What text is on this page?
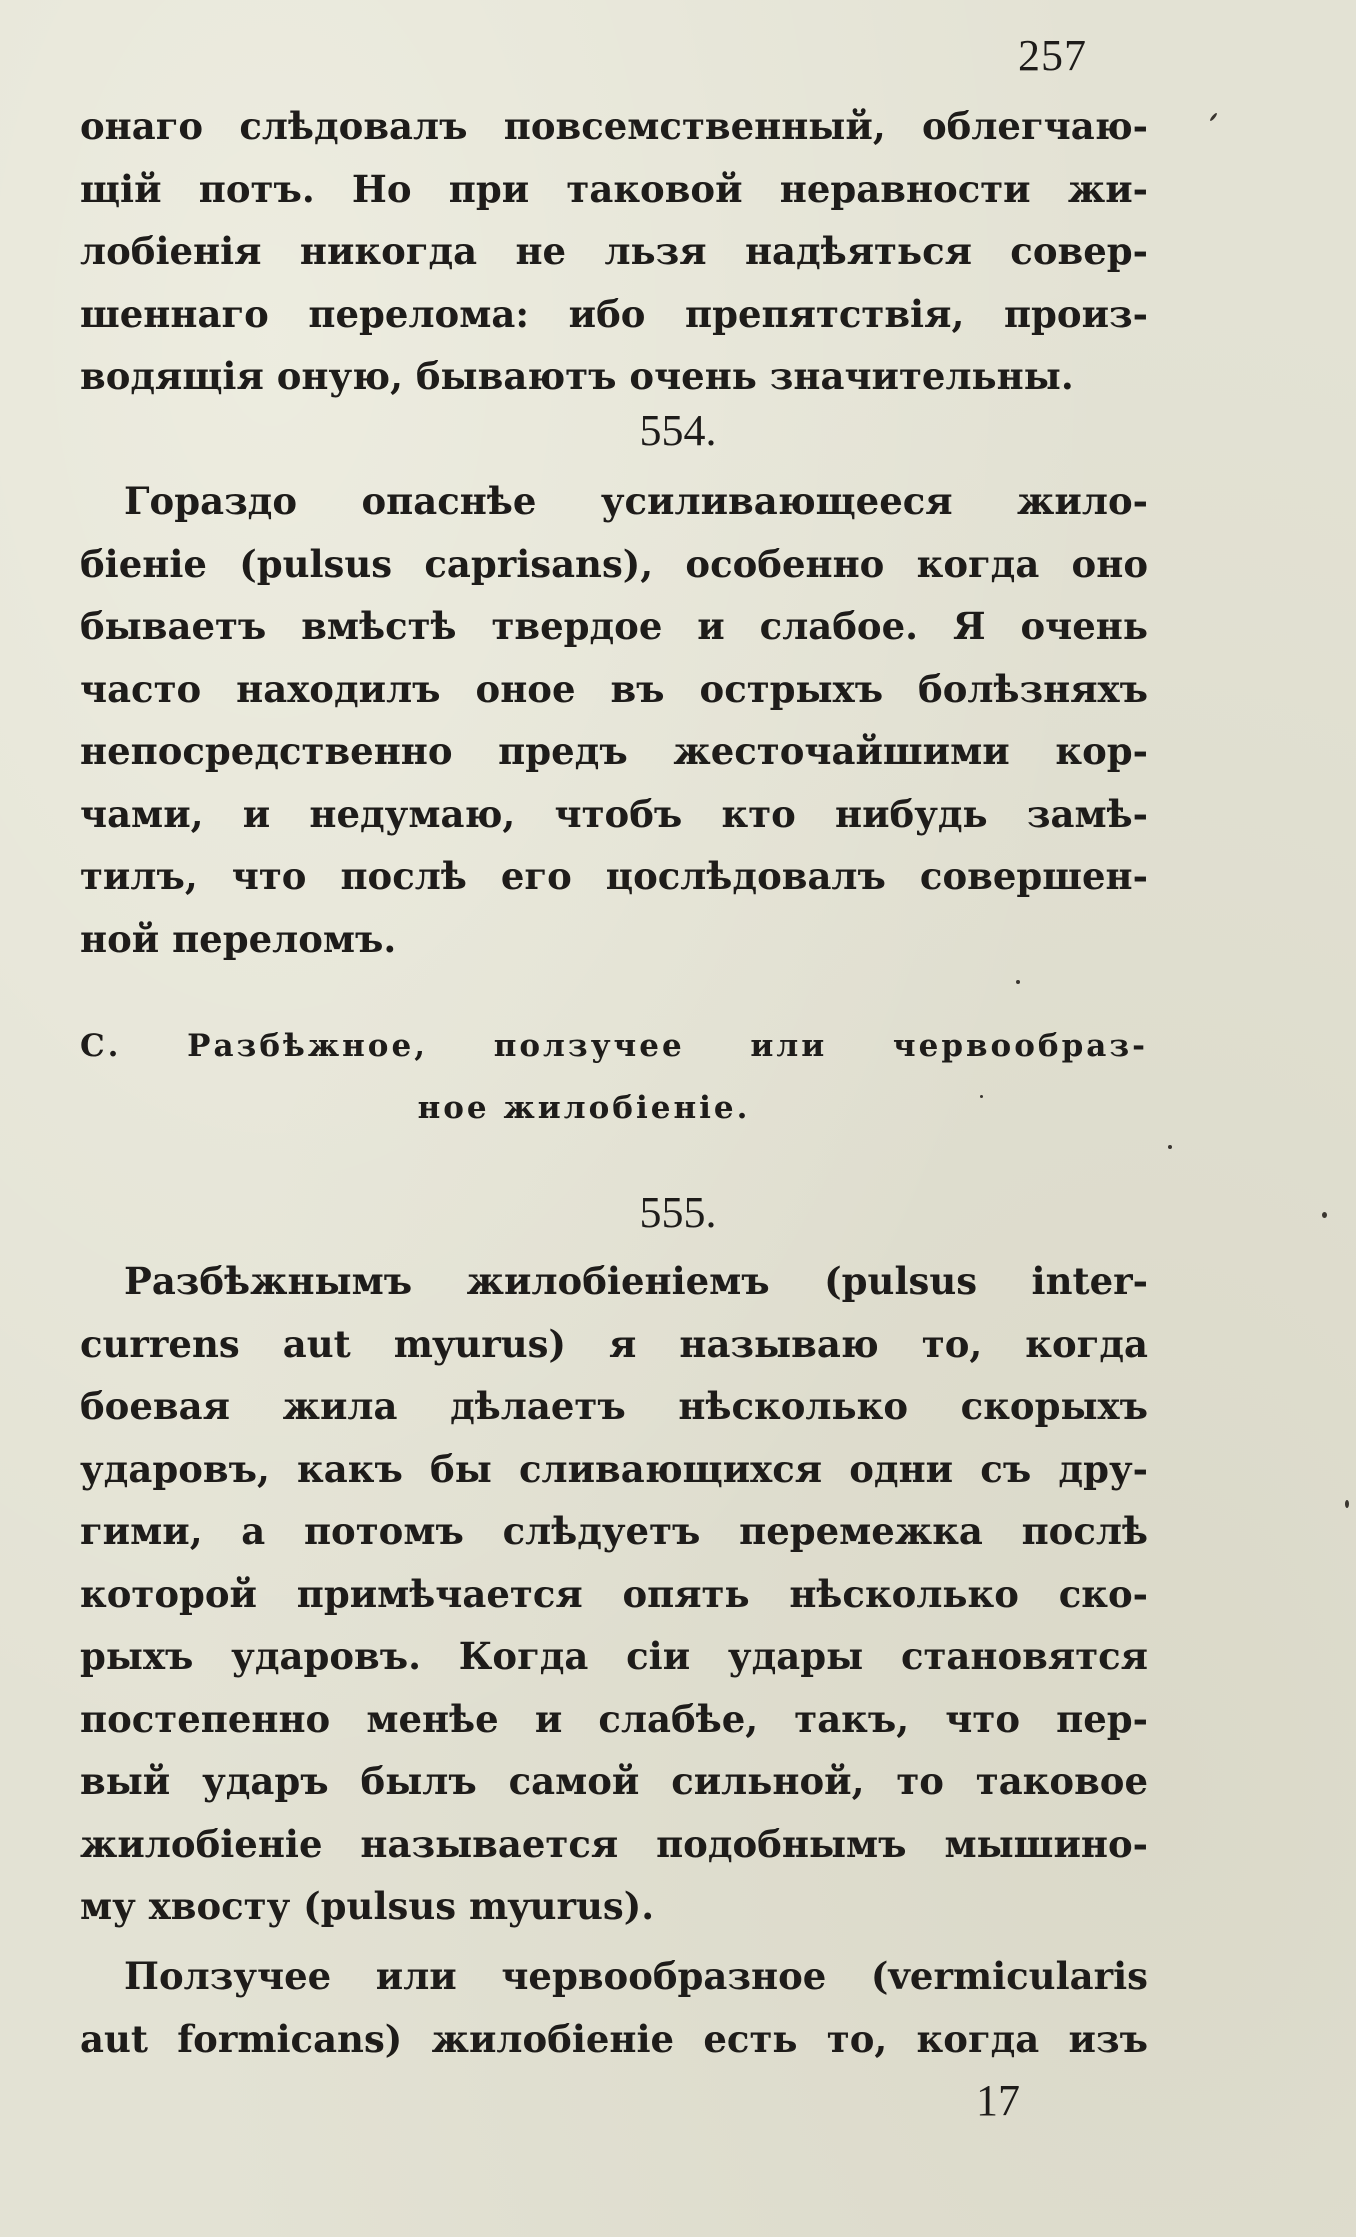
257
онаго слѣдовалъ повсемственный, облегчаю-
щій потъ. Но при таковой неравности жи-
лобіенія никогда не льзя надѣяться совер-
шеннаго перелома: ибо препятствія, произ-
водящія оную, бываютъ очень значительны.
554.
Гораздо опаснѣе усиливающееся жило-
біеніе (pulsus caprisans), особенно когда оно
бываетъ вмѣстѣ твердое и слабое. Я очень
часто находилъ оное въ острыхъ болѣзняхъ
непосредственно предъ жесточайшими кор-
чами, и недумаю, чтобъ кто нибудь замѣ-
тилъ, что послѣ его цослѣдовалъ совершен-
ной переломъ.
С. Разбѣжное, ползучее или червообраз-
ное жилобіеніе.
555.
Разбѣжнымъ жилобіеніемъ (pulsus inter-
currens aut myurus) я называю то, когда
боевая жила дѣлаетъ нѣсколько скорыхъ
ударовъ, какъ бы сливающихся одни съ дру-
гими, а потомъ слѣдуетъ перемежка послѣ
которой примѣчается опять нѣсколько ско-
рыхъ ударовъ. Когда сіи удары становятся
постепенно менѣе и слабѣе, такъ, что пер-
вый ударъ былъ самой сильной, то таковое
жилобіеніе называется подобнымъ мышино-
му хвосту (pulsus myurus).
Ползучее или червообразное (vermicularis
aut formicans) жилобіеніе есть то, когда изъ
17
